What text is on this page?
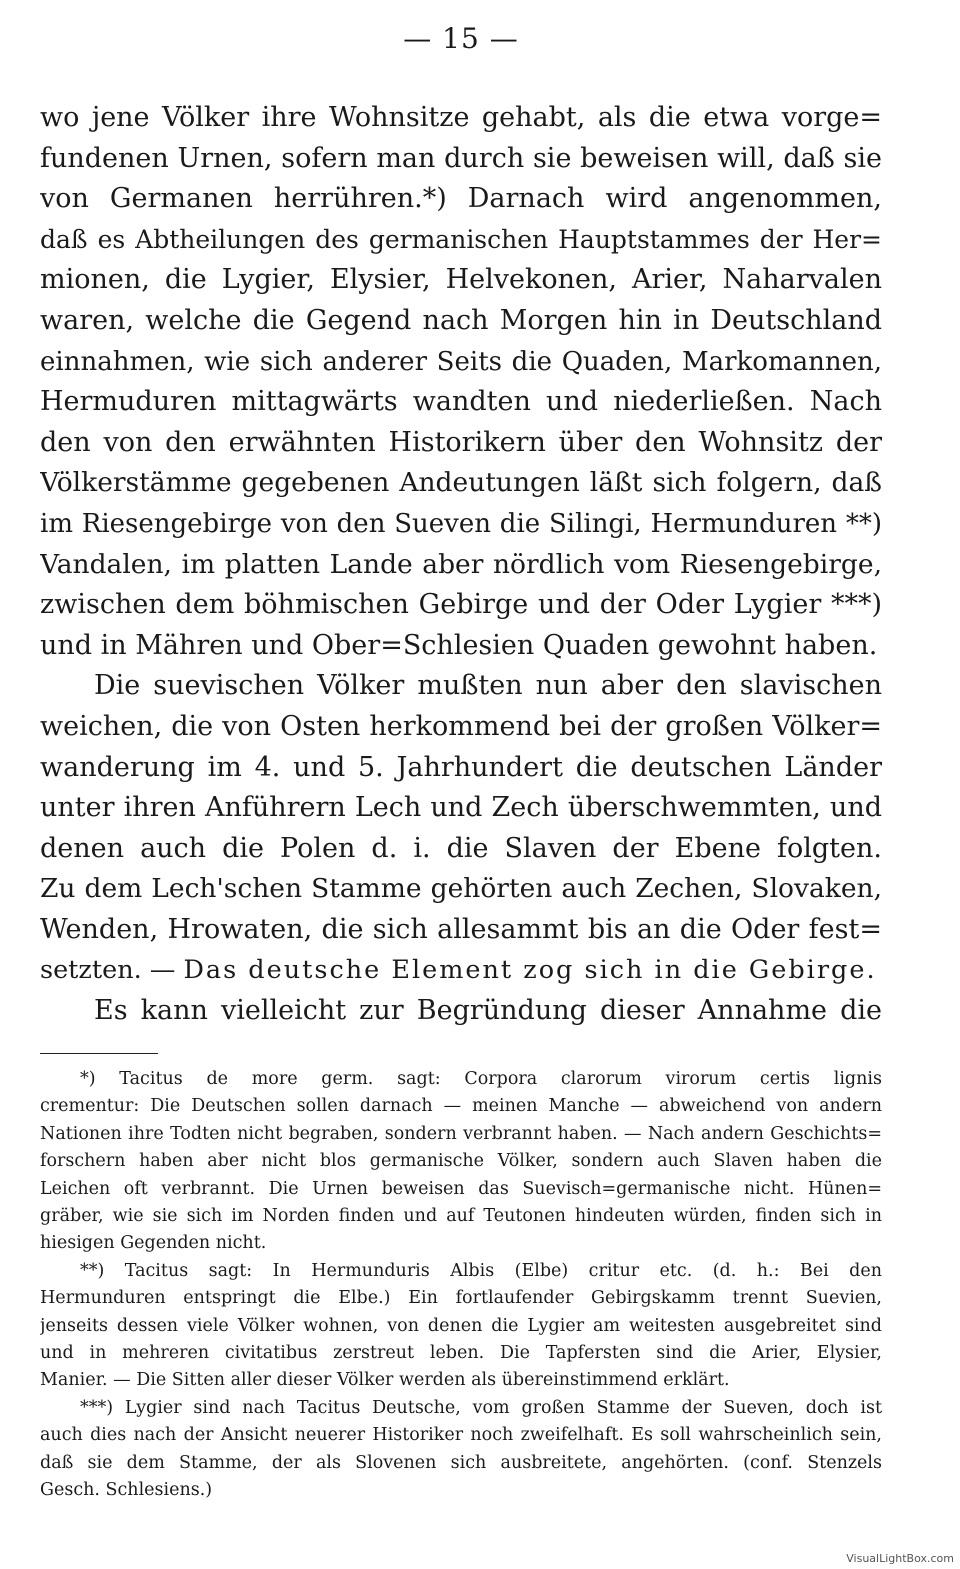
— 15 —

wo jene Völker ihre Wohnsitze gehabt, als die etwa vorge=

fundenen Urnen, sofern man durch sie beweisen will, daß sie

von Germanen herrühren.*) Darnach wird angenommen,

daß es Abtheilungen des germanischen Hauptstammes der Her=

mionen, die Lygier, Elysier, Helvekonen, Arier, Naharvalen

waren, welche die Gegend nach Morgen hin in Deutschland

einnahmen, wie sich anderer Seits die Quaden, Markomannen,

Hermuduren mittagwärts wandten und niederließen. Nach

den von den erwähnten Historikern über den Wohnsitz der

Völkerstämme gegebenen Andeutungen läßt sich folgern, daß

im Riesengebirge von den Sueven die Silingi, Hermunduren **)

Vandalen, im platten Lande aber nördlich vom Riesengebirge,

zwischen dem böhmischen Gebirge und der Oder Lygier ***)

und in Mähren und Ober=Schlesien Quaden gewohnt haben.

Die suevischen Völker mußten nun aber den slavischen

weichen, die von Osten herkommend bei der großen Völker=

wanderung im 4. und 5. Jahrhundert die deutschen Länder

unter ihren Anführern Lech und Zech überschwemmten, und

denen auch die Polen d. i. die Slaven der Ebene folgten.

Zu dem Lech'schen Stamme gehörten auch Zechen, Slovaken,

Wenden, Hrowaten, die sich allesammt bis an die Oder fest=

setzten. — Das deutsche Element zog sich in die Gebirge.

Es kann vielleicht zur Begründung dieser Annahme die

*) Tacitus de more germ. sagt: Corpora clarorum virorum certis lignis

crementur: Die Deutschen sollen darnach — meinen Manche — abweichend von andern

Nationen ihre Todten nicht begraben, sondern verbrannt haben. — Nach andern Geschichts=

forschern haben aber nicht blos germanische Völker, sondern auch Slaven haben die

Leichen oft verbrannt. Die Urnen beweisen das Suevisch=germanische nicht. Hünen=

gräber, wie sie sich im Norden finden und auf Teutonen hindeuten würden, finden sich in

hiesigen Gegenden nicht.

**) Tacitus sagt: In Hermunduris Albis (Elbe) critur etc. (d. h.: Bei den

Hermunduren entspringt die Elbe.) Ein fortlaufender Gebirgskamm trennt Suevien,

jenseits dessen viele Völker wohnen, von denen die Lygier am weitesten ausgebreitet sind

und in mehreren civitatibus zerstreut leben. Die Tapfersten sind die Arier, Elysier,

Manier. — Die Sitten aller dieser Völker werden als übereinstimmend erklärt.

***) Lygier sind nach Tacitus Deutsche, vom großen Stamme der Sueven, doch ist

auch dies nach der Ansicht neuerer Historiker noch zweifelhaft. Es soll wahrscheinlich sein,

daß sie dem Stamme, der als Slovenen sich ausbreitete, angehörten. (conf. Stenzels

Gesch. Schlesiens.)

VisualLightBox.com
